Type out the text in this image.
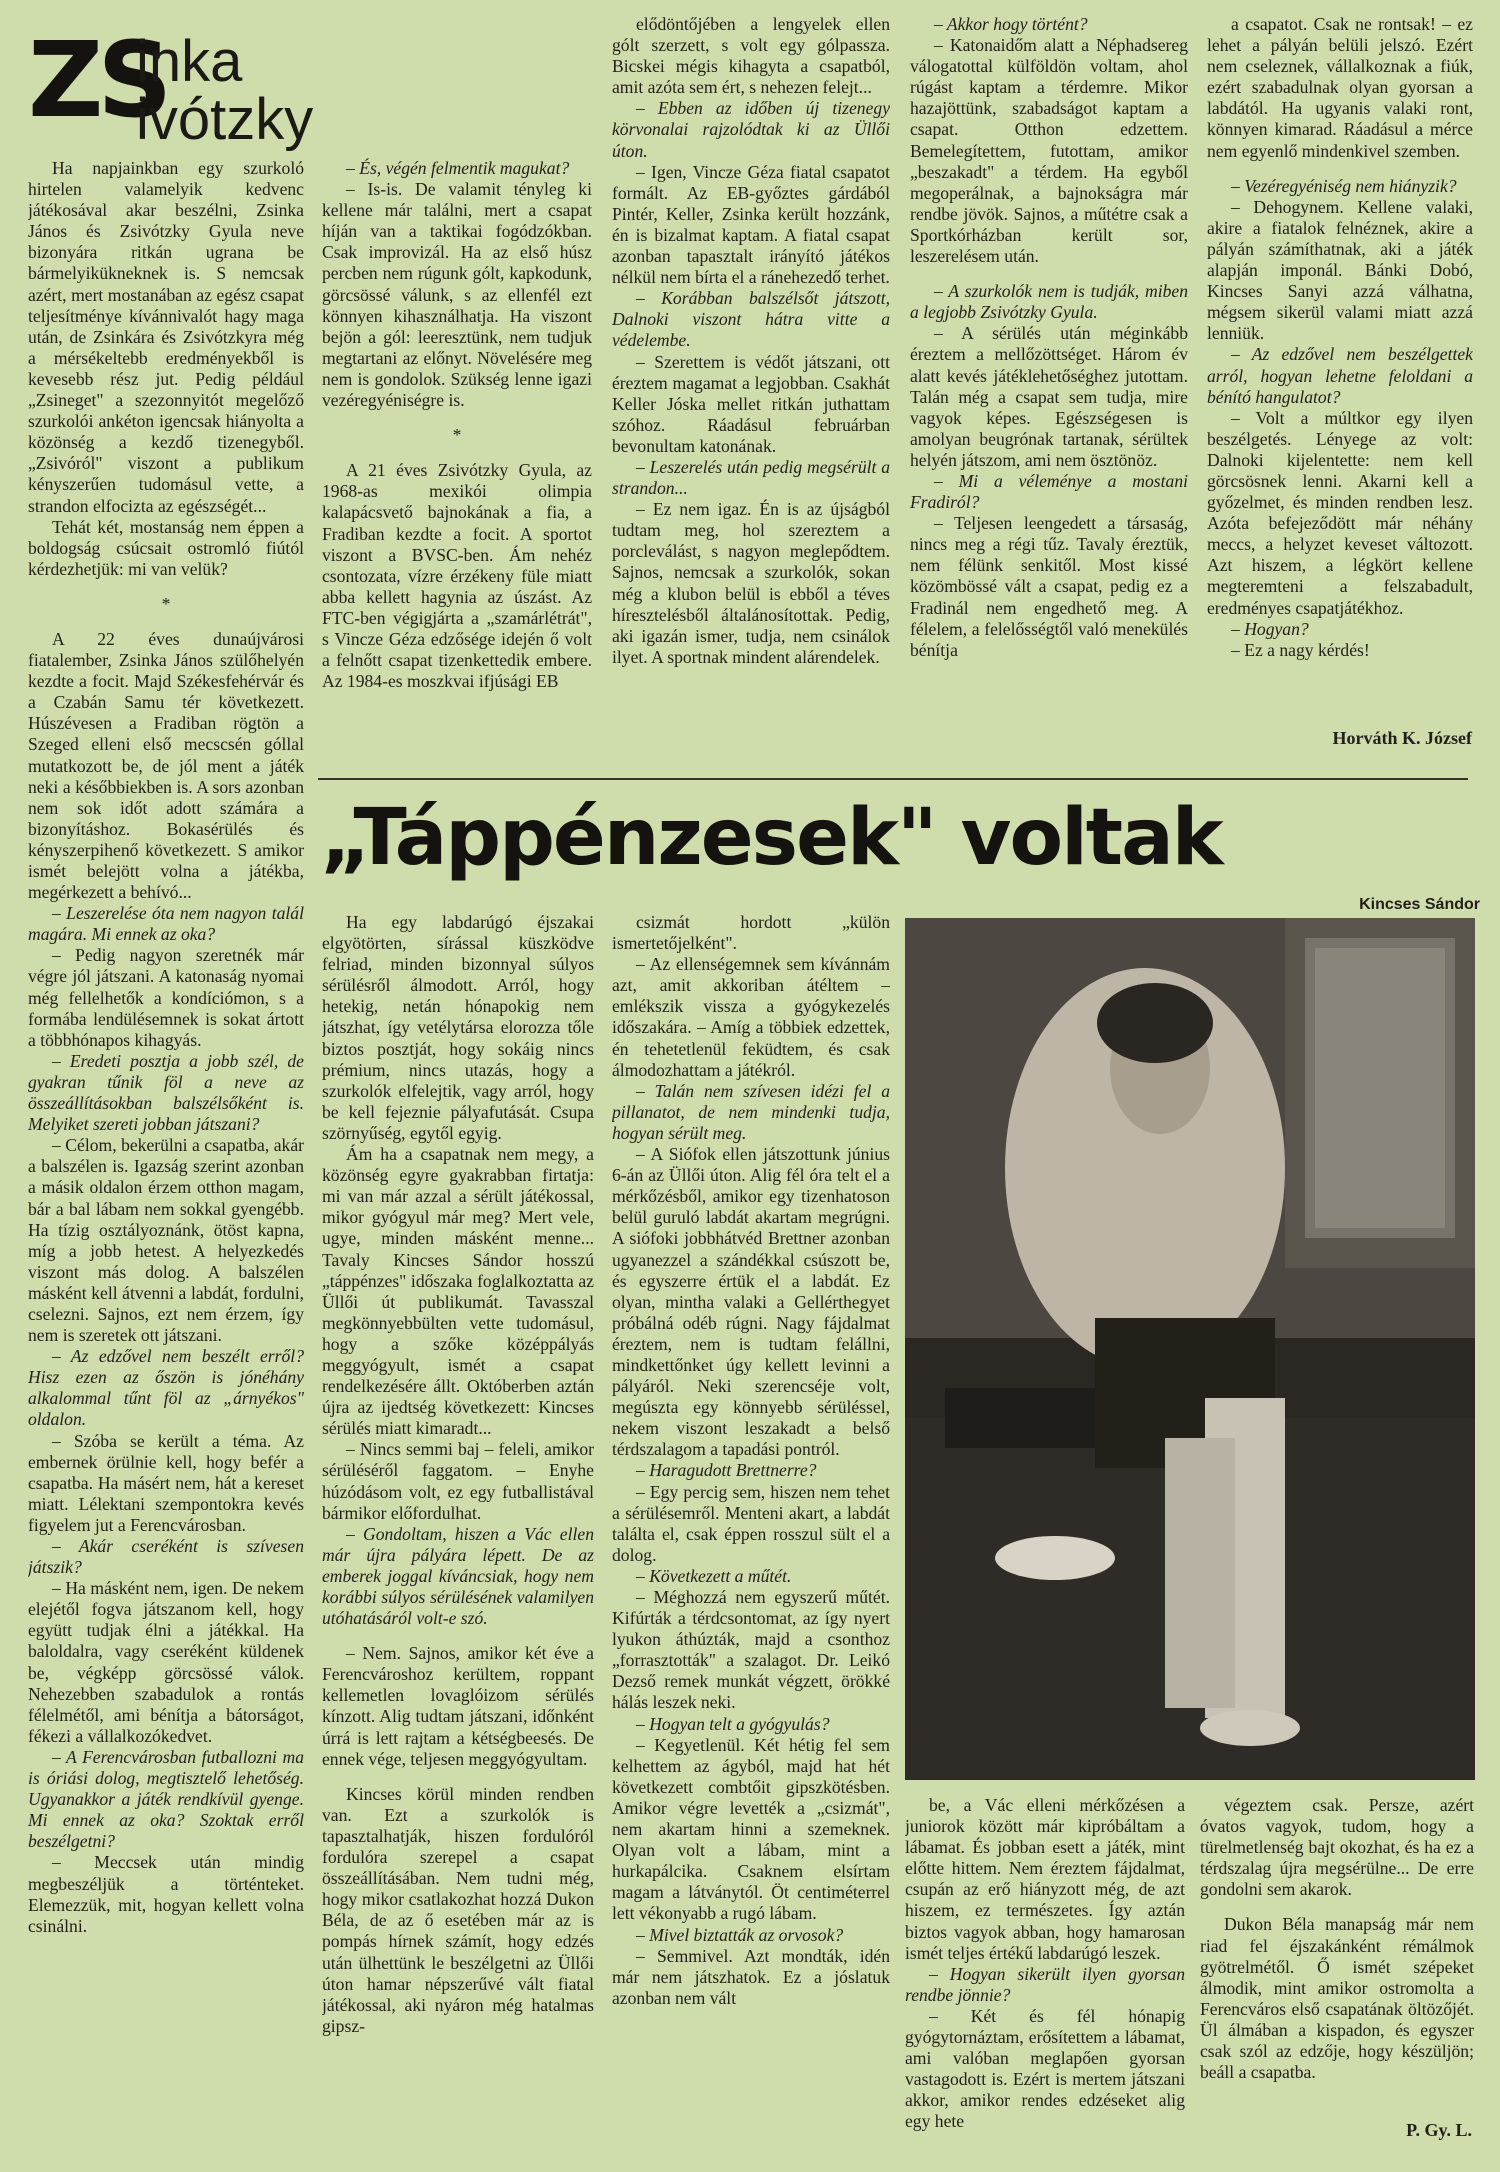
ZS
inka
ivótzky

Ha napjainkban egy szurkoló hirtelen valamelyik kedvenc játékosával akar beszélni, Zsinka János és Zsivótzky Gyula neve bizonyára ritkán ugrana be bármelyikükneknek is. S nemcsak azért, mert mostanában az egész csapat teljesítménye kívánnivalót hagy maga után, de Zsinkára és Zsivótzkyra még a mérsékeltebb eredményekből is kevesebb rész jut. Pedig például „Zsineget" a szezonnyitót megelőző szurkolói ankéton igencsak hiányolta a közönség a kezdő tizenegyből. „Zsivóról" viszont a publikum kényszerűen tudomásul vette, a strandon elfocizta az egészségét...

Tehát két, mostanság nem éppen a boldogság csúcsait ostromló fiútól kérdezhetjük: mi van velük?

*

A 22 éves dunaújvárosi fiatalember, Zsinka János szülőhelyén kezdte a focit. Majd Székesfehérvár és a Czabán Samu tér következett. Húszévesen a Fradiban rögtön a Szeged elleni első mecscsén góllal mutatkozott be, de jól ment a játék neki a későbbiekben is. A sors azonban nem sok időt adott számára a bizonyításhoz. Bokasérülés és kényszerpihenő következett. S amikor ismét belejött volna a játékba, megérkezett a behívó...

– Leszerelése óta nem nagyon talál magára. Mi ennek az oka?

– Pedig nagyon szeretnék már végre jól játszani. A katonaság nyomai még fellelhetők a kondíciómon, s a formába lendülésemnek is sokat ártott a többhónapos kihagyás.

– Eredeti posztja a jobb szél, de gyakran tűnik föl a neve az összeállításokban balszélsőként is. Melyiket szereti jobban játszani?

– Célom, bekerülni a csapatba, akár a balszélen is. Igazság szerint azonban a másik oldalon érzem otthon magam, bár a bal lábam nem sokkal gyengébb. Ha tízig osztályoznánk, ötöst kapna, míg a jobb hetest. A helyezkedés viszont más dolog. A balszélen másként kell átvenni a labdát, fordulni, cselezni. Sajnos, ezt nem érzem, így nem is szeretek ott játszani.

– Az edzővel nem beszélt erről? Hisz ezen az őszön is jónéhány alkalommal tűnt föl az „árnyékos" oldalon.

– Szóba se került a téma. Az embernek örülnie kell, hogy befér a csapatba. Ha másért nem, hát a kereset miatt. Lélektani szempontokra kevés figyelem jut a Ferencvárosban.

– Akár cseréként is szívesen játszik?

– Ha másként nem, igen. De nekem elejétől fogva játszanom kell, hogy együtt tudjak élni a játékkal. Ha baloldalra, vagy cseréként küldenek be, végképp görcsössé válok. Nehezebben szabadulok a rontás félelmétől, ami bénítja a bátorságot, fékezi a vállalkozókedvet.

– A Ferencvárosban futballozni ma is óriási dolog, megtisztelő lehetőség. Ugyanakkor a játék rendkívül gyenge. Mi ennek az oka? Szoktak erről beszélgetni?

– Meccsek után mindig megbeszéljük a történteket. Elemezzük, mit, hogyan kellett volna csinálni.

– És, végén felmentik magukat?

– Is-is. De valamit tényleg ki kellene már találni, mert a csapat híján van a taktikai fogódzókban. Csak improvizál. Ha az első húsz percben nem rúgunk gólt, kapkodunk, görcsössé válunk, s az ellenfél ezt könnyen kihasználhatja. Ha viszont bejön a gól: leeresztünk, nem tudjuk megtartani az előnyt. Növelésére meg nem is gondolok. Szükség lenne igazi vezéregyéniségre is.

*

A 21 éves Zsivótzky Gyula, az 1968-as mexikói olimpia kalapácsvető bajnokának a fia, a Fradiban kezdte a focit. A sportot viszont a BVSC-ben. Ám nehéz csontozata, vízre érzékeny füle miatt abba kellett hagynia az úszást. Az FTC-ben végigjárta a „szamárlétrát", s Vincze Géza edzősége idején ő volt a felnőtt csapat tizenkettedik embere. Az 1984-es moszkvai ifjúsági EB

elődöntőjében a lengyelek ellen gólt szerzett, s volt egy gólpassza. Bicskei mégis kihagyta a csapatból, amit azóta sem ért, s nehezen felejt...

– Ebben az időben új tizenegy körvonalai rajzolódtak ki az Üllői úton.

– Igen, Vincze Géza fiatal csapatot formált. Az EB-győztes gárdából Pintér, Keller, Zsinka került hozzánk, én is bizalmat kaptam. A fiatal csapat azonban tapasztalt irányító játékos nélkül nem bírta el a ránehezedő terhet.

– Korábban balszélsőt játszott, Dalnoki viszont hátra vitte a védelembe.

– Szerettem is védőt játszani, ott éreztem magamat a legjobban. Csakhát Keller Jóska mellet ritkán juthattam szóhoz. Ráadásul februárban bevonultam katonának.

– Leszerelés után pedig megsérült a strandon...

– Ez nem igaz. Én is az újságból tudtam meg, hol szereztem a porcleválást, s nagyon meglepődtem. Sajnos, nemcsak a szurkolók, sokan még a klubon belül is ebből a téves híresztelésből általánosítottak. Pedig, aki igazán ismer, tudja, nem csinálok ilyet. A sportnak mindent alárendelek.

– Akkor hogy történt?

– Katonaidőm alatt a Néphadsereg válogatottal külföldön voltam, ahol rúgást kaptam a térdemre. Mikor hazajöttünk, szabadságot kaptam a csapat. Otthon edzettem. Bemelegítettem, futottam, amikor „beszakadt" a térdem. Ha egyből megoperálnak, a bajnokságra már rendbe jövök. Sajnos, a műtétre csak a Sportkórházban került sor, leszerelésem után.

– A szurkolók nem is tudják, miben a legjobb Zsivótzky Gyula.

– A sérülés után méginkább éreztem a mellőzöttséget. Három év alatt kevés játéklehetőséghez jutottam. Talán még a csapat sem tudja, mire vagyok képes. Egészségesen is amolyan beugrónak tartanak, sérültek helyén játszom, ami nem ösztönöz.

– Mi a véleménye a mostani Fradiról?

– Teljesen leengedett a társaság, nincs meg a régi tűz. Tavaly éreztük, nem félünk senkitől. Most kissé közömbössé vált a csapat, pedig ez a Fradinál nem engedhető meg. A félelem, a felelősségtől való menekülés bénítja

a csapatot. Csak ne rontsak! – ez lehet a pályán belüli jelszó. Ezért nem cseleznek, vállalkoznak a fiúk, ezért szabadulnak olyan gyorsan a labdától. Ha ugyanis valaki ront, könnyen kimarad. Ráadásul a mérce nem egyenlő mindenkivel szemben.

– Vezéregyéniség nem hiányzik?

– Dehogynem. Kellene valaki, akire a fiatalok felnéznek, akire a pályán számíthatnak, aki a játék alapján imponál. Bánki Dobó, Kincses Sanyi azzá válhatna, mégsem sikerül valami miatt azzá lenniük.

– Az edzővel nem beszélgettek arról, hogyan lehetne feloldani a bénító hangulatot?

– Volt a múltkor egy ilyen beszélgetés. Lényege az volt: Dalnoki kijelentette: nem kell görcsösnek lenni. Akarni kell a győzelmet, és minden rendben lesz. Azóta befejeződött már néhány meccs, a helyzet keveset változott. Azt hiszem, a légkört kellene megteremteni a felszabadult, eredményes csapatjátékhoz.

– Hogyan?

– Ez a nagy kérdés!

Horváth K. József
„Táppénzesek" voltak
Kincses Sándor

Ha egy labdarúgó éjszakai elgyötörten, sírással küszködve felriad, minden bizonnyal súlyos sérülésről álmodott. Arról, hogy hetekig, netán hónapokig nem játszhat, így vetélytársa elorozza tőle biztos posztját, hogy sokáig nincs prémium, nincs utazás, hogy a szurkolók elfelejtik, vagy arról, hogy be kell fejeznie pályafutását. Csupa szörnyűség, egytől egyig.

Ám ha a csapatnak nem megy, a közönség egyre gyakrabban firtatja: mi van már azzal a sérült játékossal, mikor gyógyul már meg? Mert vele, ugye, minden másként menne... Tavaly Kincses Sándor hosszú „táppénzes" időszaka foglalkoztatta az Üllői út publikumát. Tavasszal megkönnyebbülten vette tudomásul, hogy a szőke középpályás meggyógyult, ismét a csapat rendelkezésére állt. Októberben aztán újra az ijedtség következett: Kincses sérülés miatt kimaradt...

– Nincs semmi baj – feleli, amikor sérüléséről faggatom. – Enyhe húzódásom volt, ez egy futballistával bármikor előfordulhat.

– Gondoltam, hiszen a Vác ellen már újra pályára lépett. De az emberek joggal kíváncsiak, hogy nem korábbi súlyos sérülésének valamilyen utóhatásáról volt-e szó.

– Nem. Sajnos, amikor két éve a Ferencvároshoz kerültem, roppant kellemetlen lovaglóizom sérülés kínzott. Alig tudtam játszani, időnként úrrá is lett rajtam a kétségbeesés. De ennek vége, teljesen meggyógyultam.

Kincses körül minden rendben van. Ezt a szurkolók is tapasztalhatják, hiszen fordulóról fordulóra szerepel a csapat összeállításában. Nem tudni még, hogy mikor csatlakozhat hozzá Dukon Béla, de az ő esetében már az is pompás hírnek számít, hogy edzés után ülhettünk le beszélgetni az Üllői úton hamar népszerűvé vált fiatal játékossal, aki nyáron még hatalmas gipsz-

csizmát hordott „külön ismertetőjelként".

– Az ellenségemnek sem kívánnám azt, amit akkoriban átéltem – emlékszik vissza a gyógykezelés időszakára. – Amíg a többiek edzettek, én tehetetlenül feküdtem, és csak álmodozhattam a játékról.

– Talán nem szívesen idézi fel a pillanatot, de nem mindenki tudja, hogyan sérült meg.

– A Siófok ellen játszottunk június 6-án az Üllői úton. Alig fél óra telt el a mérkőzésből, amikor egy tizenhatoson belül guruló labdát akartam megrúgni. A siófoki jobbhátvéd Brettner azonban ugyanezzel a szándékkal csúszott be, és egyszerre értük el a labdát. Ez olyan, mintha valaki a Gellérthegyet próbálná odéb rúgni. Nagy fájdalmat éreztem, nem is tudtam felállni, mindkettőnket úgy kellett levinni a pályáról. Neki szerencséje volt, megúszta egy könnyebb sérüléssel, nekem viszont leszakadt a belső térdszalagom a tapadási pontról.

– Haragudott Brettnerre?

– Egy percig sem, hiszen nem tehet a sérülésemről. Menteni akart, a labdát találta el, csak éppen rosszul sült el a dolog.

– Következett a műtét.

– Méghozzá nem egyszerű műtét. Kifúrták a térdcsontomat, az így nyert lyukon áthúzták, majd a csonthoz „forrasztották" a szalagot. Dr. Leikó Dezső remek munkát végzett, örökké hálás leszek neki.

– Hogyan telt a gyógyulás?

– Kegyetlenül. Két hétig fel sem kelhettem az ágyból, majd hat hét következett combtőit gipszkötésben. Amikor végre levették a „csizmát", nem akartam hinni a szemeknek. Olyan volt a lábam, mint a hurkapálcika. Csaknem elsírtam magam a látványtól. Öt centiméterrel lett vékonyabb a rugó lábam.

– Mivel biztatták az orvosok?

– Semmivel. Azt mondták, idén már nem játszhatok. Ez a jóslatuk azonban nem vált

be, a Vác elleni mérkőzésen a juniorok között már kipróbáltam a lábamat. És jobban esett a játék, mint előtte hittem. Nem éreztem fájdalmat, csupán az erő hiányzott még, de azt hiszem, ez természetes. Így aztán biztos vagyok abban, hogy hamarosan ismét teljes értékű labdarúgó leszek.

– Hogyan sikerült ilyen gyorsan rendbe jönnie?

– Két és fél hónapig gyógytornáztam, erősítettem a lábamat, ami valóban meglapően gyorsan vastagodott is. Ezért is mertem játszani akkor, amikor rendes edzéseket alig egy hete

végeztem csak. Persze, azért óvatos vagyok, tudom, hogy a türelmetlenség bajt okozhat, és ha ez a térdszalag újra megsérülne... De erre gondolni sem akarok.

Dukon Béla manapság már nem riad fel éjszakánként rémálmok gyötrelmétől. Ő ismét szépeket álmodik, mint amikor ostromolta a Ferencváros első csapatának öltözőjét. Ül álmában a kispadon, és egyszer csak szól az edzője, hogy készüljön; beáll a csapatba.

P. Gy. L.
